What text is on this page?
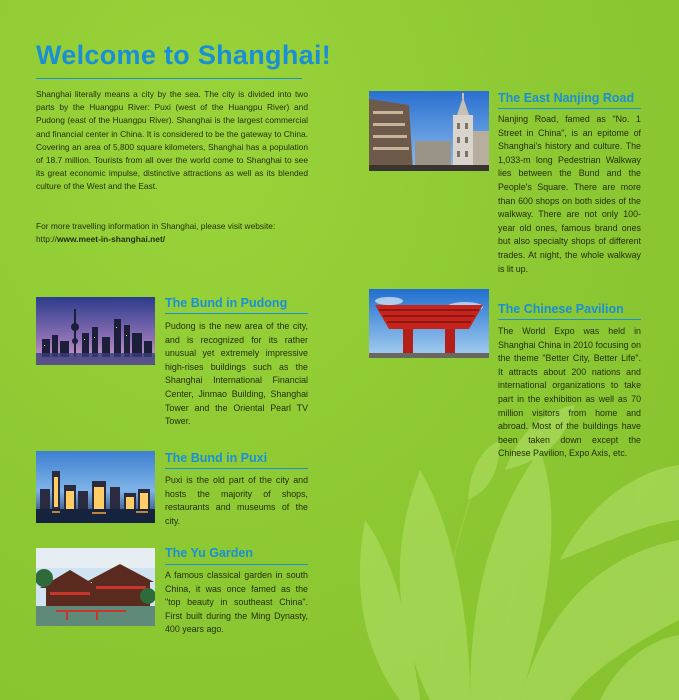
Welcome to Shanghai!

Shanghai literally means a city by the sea. The city is divided into two parts by the Huangpu River: Puxi (west of the Huangpu River) and Pudong (east of the Huangpu River). Shanghai is the largest commercial and financial center in China. It is considered to be the gateway to China. Covering an area of 5,800 square kilometers, Shanghai has a population of 18.7 million. Tourists from all over the world come to Shanghai to see its great economic impulse, distinctive attractions as well as its blended culture of the West and the East.

For more travelling information in Shanghai, please visit website:
http://www.meet-in-shanghai.net/
The Bund in Pudong

Pudong is the new area of the city, and is recognized for its rather unusual yet extremely impressive high-rises buildings such as the Shanghai International Financial Center, Jinmao Building, Shanghai Tower and the Oriental Pearl TV Tower.

The Bund in Puxi

Puxi is the old part of the city and hosts the majority of shops, restaurants and museums of the city.

The Yu Garden

A famous classical garden in south China, it was once famed as the "top beauty in southeast China". First built during the Ming Dynasty, 400 years ago.

The East Nanjing Road

Nanjing Road, famed as "No. 1 Street in China", is an epitome of Shanghai's history and culture. The 1,033-m long Pedestrian Walkway lies between the Bund and the People's Square. There are more than 600 shops on both sides of the walkway. There are not only 100-year old ones, famous brand ones but also specialty shops of different trades. At night, the whole walkway is lit up.

The Chinese Pavilion

The World Expo was held in Shanghai China in 2010 focusing on the theme "Better City, Better Life". It attracts about 200 nations and international organizations to take part in the exhibition as well as 70 million visitors from home and abroad. Most of the buildings have been taken down except the Chinese Pavilion, Expo Axis, etc.
